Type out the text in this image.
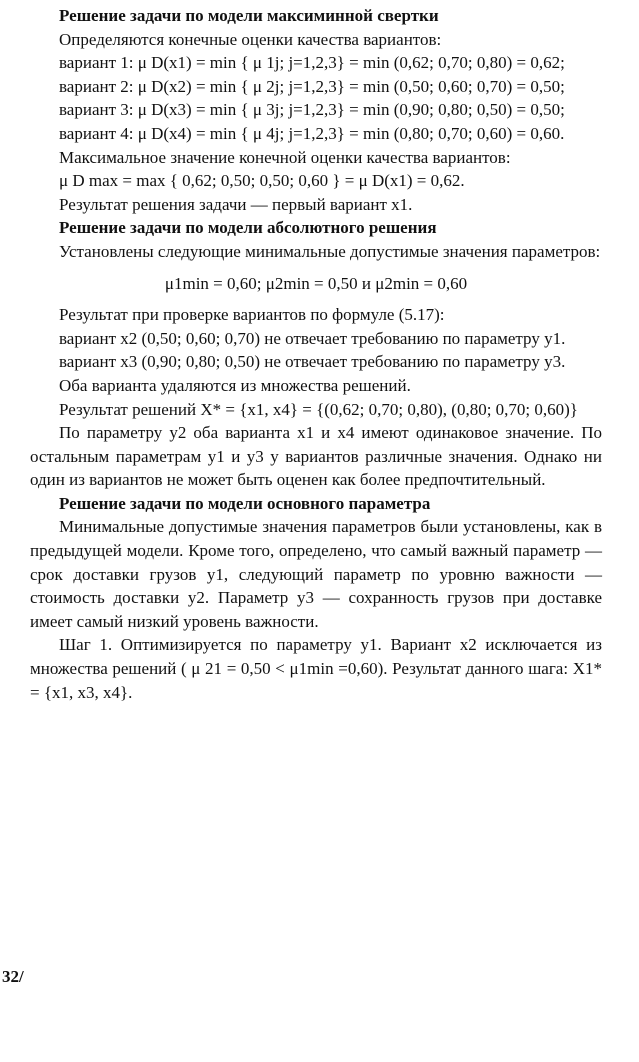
Решение задачи по модели максиминной свертки

Определяются конечные оценки качества вариантов:

вариант 1: μ D(x1) = min { μ 1j; j=1,2,3} = min (0,62; 0,70; 0,80) = 0,62;

вариант 2: μ D(x2) = min { μ 2j; j=1,2,3} = min (0,50; 0,60; 0,70) = 0,50;

вариант 3: μ D(x3) = min { μ 3j; j=1,2,3} = min (0,90; 0,80; 0,50) = 0,50;

вариант 4: μ D(x4) = min { μ 4j; j=1,2,3} = min (0,80; 0,70; 0,60) = 0,60.

Максимальное значение конечной оценки качества вариантов:

μ D max = max { 0,62; 0,50; 0,50; 0,60 } = μ D(x1) = 0,62.

Результат решения задачи — первый вариант x1.

Решение задачи по модели абсолютного решения

Установлены следующие минимальные допустимые значения параметров:

μ1min = 0,60; μ2min = 0,50 и μ2min = 0,60

Результат при проверке вариантов по формуле (5.17):

вариант x2 (0,50; 0,60; 0,70) не отвечает требованию по параметру y1.

вариант x3 (0,90; 0,80; 0,50) не отвечает требованию по параметру y3.

Оба варианта удаляются из множества решений.

Результат решений X* = {x1, x4} = {(0,62; 0,70; 0,80), (0,80; 0,70; 0,60)}

По параметру y2 оба варианта x1 и x4 имеют одинаковое значение. По остальным параметрам y1 и y3 у вариантов различные значения. Однако ни один из вариантов не может быть оценен как более предпочтительный.

Решение задачи по модели основного параметра

Минимальные допустимые значения параметров были установлены, как в предыдущей модели. Кроме того, определено, что самый важный параметр — срок доставки грузов y1, следующий параметр по уровню важности — стоимость доставки y2. Параметр y3 — сохранность грузов при доставке имеет самый низкий уровень важности.

Шаг 1. Оптимизируется по параметру y1. Вариант x2 исключается из множества решений ( μ 21 = 0,50 < μ1min =0,60). Результат данного шага: X1* = {x1, x3, x4}.

32/
